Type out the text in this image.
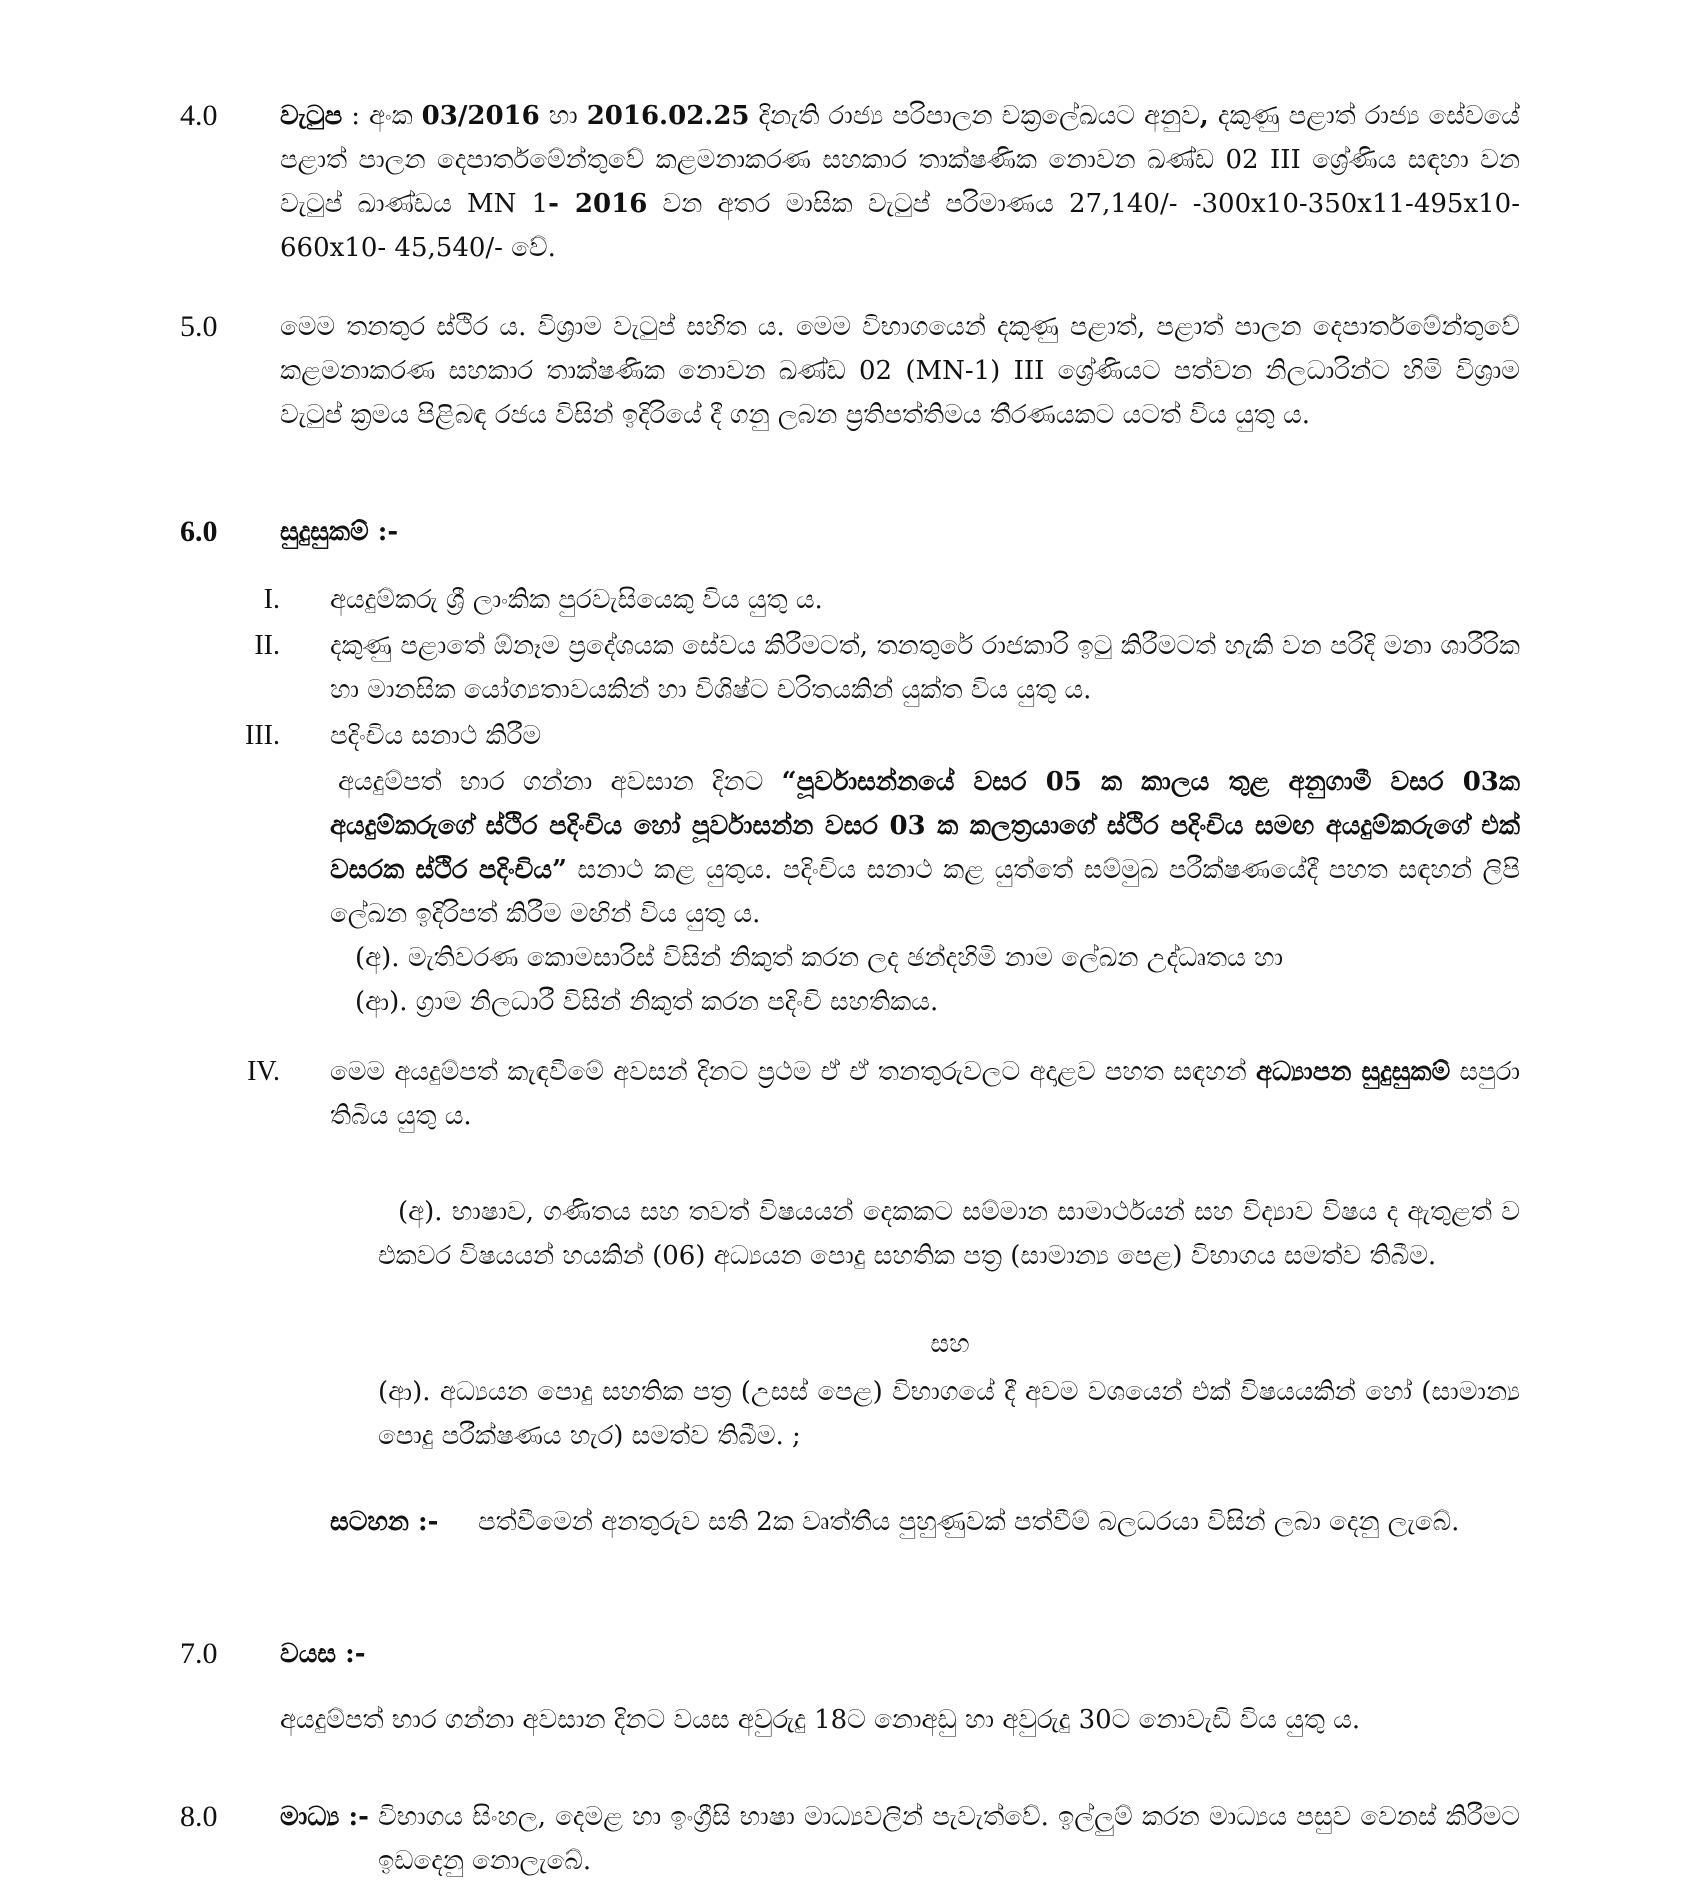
4.0	වැටුප : අංක 03/2016 හා 2016.02.25 දිනැති රාජ්‍ය පරිපාලන චක්‍රලේඛයට අනුව, දකුණු පළාත් රාජ්‍ය සේවයේ පළාත් පාලන දෙපාර්තමේන්තුවේ කළමනාකරණ සහකාර තාක්ෂණික නොවන ඛණ්ඩ 02 III ශ්‍රේණිය සඳහා වන වැටුප් ඛාණ්ඩය MN 1- 2016 වන අතර මාසික වැටුප් පරිමාණය 27,140/- -300x10-350x11-495x10-660x10- 45,540/- වේ.

5.0	මෙම තනතුර ස්ථිර ය. විශ්‍රාම වැටුප් සහිත ය. මෙම විභාගයෙන් දකුණු පළාත්, පළාත් පාලන දෙපාර්තමේන්තුවේ කළමනාකරණ සහකාර තාක්ෂණික නොවන ඛණ්ඩ 02 (MN-1) III ශ්‍රේණියට පත්වන නිලධාරින්ට හිමි විශ්‍රාම වැටුප් ක්‍රමය පිළිබඳ රජය විසින් ඉදිරියේ දී ගනු ලබන ප්‍රතිපත්තිමය තීරණයකට යටත් විය යුතු ය.

6.0	සුදුසුකම් :-
I. අයදුම්කරු ශ්‍රී ලාංකික පුරවැසියෙකු විය යුතු ය.

II. දකුණු පළාතේ ඕනෑම ප්‍රදේශයක සේවය කිරීමටත්, තනතුරේ රාජකාරි ඉටු කිරීමටත් හැකි වන පරිදි මනා ශාරීරික හා මානසික යෝග්‍යතාවයකින් හා විශිෂ්ට චරිතයකින් යුක්ත විය යුතු ය.

III. පදිංචිය සනාථ කිරීම

අයදුම්පත් භාර ගන්නා අවසාන දිනට “පූර්වාසන්නයේ වසර 05 ක කාලය තුළ අනුගාමී වසර 03ක අයදුම්කරුගේ ස්ථිර පදිංචිය හෝ පූර්වාසන්න වසර 03 ක කලත්‍රයාගේ ස්ථිර පදිංචිය සමඟ අයදුම්කරුගේ එක් වසරක ස්ථිර පදිංචිය” සනාථ කළ යුතුය. පදිංචිය සනාථ කළ යුත්තේ සම්මුඛ පරීක්ෂණයේදී පහත සඳහන් ලිපි ලේඛන ඉදිරිපත් කිරීම මඟින් විය යුතු ය.

(අ). මැතිවරණ කොමසාරිස් විසින් නිකුත් කරන ලද ඡන්දහිමි නාම ලේඛන උද්ධෘතය හා

(ආ). ග්‍රාම නිලධාරී විසින් නිකුත් කරන පදිංචි සහතිකය.

IV. මෙම අයදුම්පත් කැඳවීමේ අවසන් දිනට ප්‍රථම ඒ ඒ තනතුරුවලට අදාළව පහත සඳහන් අධ්‍යාපන සුදුසුකම් සපුරා තිබිය යුතු ය.

(අ). භාෂාව, ගණිතය සහ තවත් විෂයයන් දෙකකට සම්මාන සාමාර්ථයන් සහ විද්‍යාව විෂය ද ඇතුළත් ව එකවර විෂයයන් හයකින් (06) අධ්‍යයන පොදු සහතික පත්‍ර (සාමාන්‍ය පෙළ) විභාගය සමත්ව තිබීම.

සහ

(ආ). අධ්‍යයන පොදු සහතික පත්‍ර (උසස් පෙළ) විභාගයේ දී අවම වශයෙන් එක් විෂයයකින් හෝ (සාමාන්‍ය පොදු පරීක්ෂණය හැර) සමත්ව තිබීම. ;

සටහන :-	පත්වීමෙන් අනතුරුව සති 2ක වෘත්තීය පුහුණුවක් පත්වීම් බලධරයා විසින් ලබා දෙනු ලැබේ.

7.0	වයස :-

අයදුම්පත් භාර ගන්නා අවසාන දිනට වයස අවුරුදු 18ට නොඅඩු හා අවුරුදු 30ට නොවැඩි විය යුතු ය.

8.0	මාධ්‍ය :- විභාගය සිංහල, දෙමළ හා ඉංග්‍රීසි භාෂා මාධ්‍යවලින් පැවැත්වේ. ඉල්ලුම් කරන මාධ්‍යය පසුව වෙනස් කිරීමට ඉඩදෙනු නොලැබේ.
